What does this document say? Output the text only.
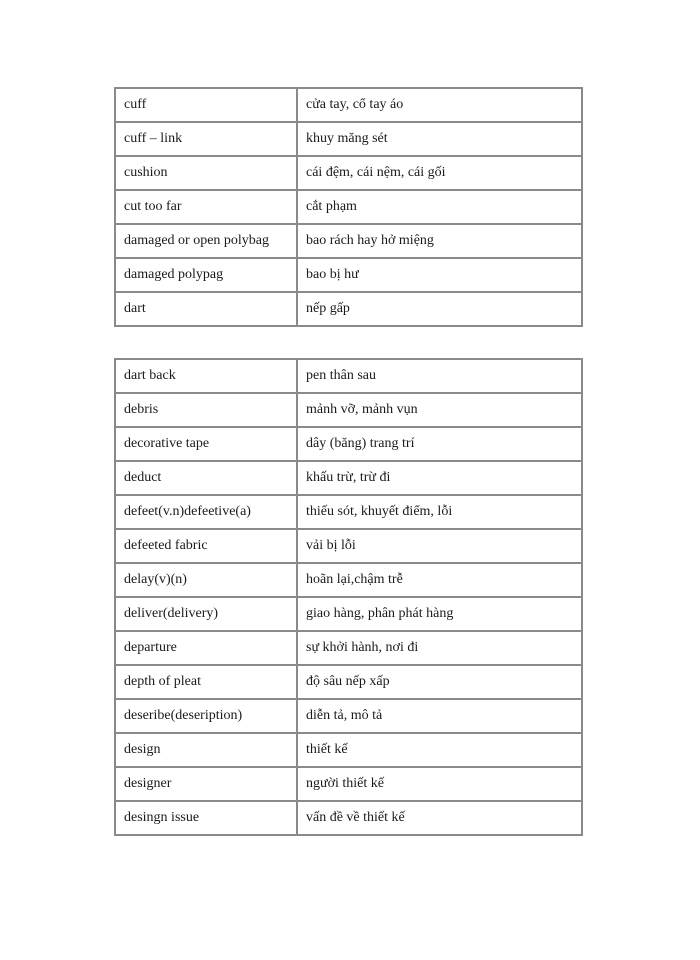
cuff	cửa tay, cổ tay áo
cuff – link	khuy măng sét
cushion	cái đệm, cái nệm, cái gối
cut too far	cắt phạm
damaged or open polybag	bao rách hay hở miệng
damaged polypag	bao bị hư
dart	nếp gấp
dart back	pen thân sau
debris	mảnh vỡ, mảnh vụn
decorative tape	dây (băng) trang trí
deduct	khấu trừ, trừ đi
defeet(v.n)defeetive(a)	thiếu sót, khuyết điểm, lỗi
defeeted fabric	vải bị lỗi
delay(v)(n)	hoãn lại,chậm trễ
deliver(delivery)	giao hàng, phân phát hàng
departure	sự khởi hành, nơi đi
depth of pleat	độ sâu nếp xấp
deseribe(deseription)	diễn tả, mô tả
design	thiết kế
designer	người thiết kế
desingn issue	vấn đề về thiết kế
